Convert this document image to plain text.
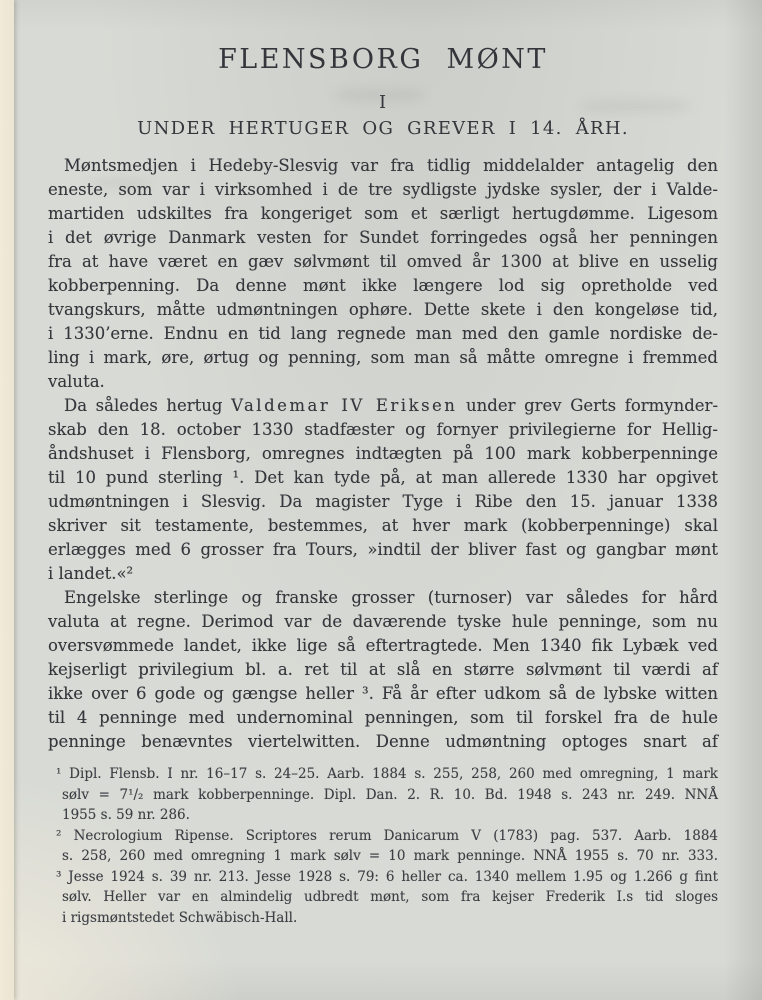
FLENSBORG MØNT
I
UNDER HERTUGER OG GREVER I 14. ÅRH.

Møntsmedjen i Hedeby-Slesvig var fra tidlig middelalder antagelig den
eneste, som var i virksomhed i de tre sydligste jydske sysler, der i Valde-
martiden udskiltes fra kongeriget som et særligt hertugdømme. Ligesom
i det øvrige Danmark vesten for Sundet forringedes også her penningen
fra at have været en gæv sølvmønt til omved år 1300 at blive en usselig
kobberpenning. Da denne mønt ikke længere lod sig opretholde ved
tvangskurs, måtte udmøntningen ophøre. Dette skete i den kongeløse tid,
i 1330’erne. Endnu en tid lang regnede man med den gamle nordiske de-
ling i mark, øre, ørtug og penning, som man så måtte omregne i fremmed
valuta.

Da således hertug Valdemar IV Eriksen under grev Gerts formynder-
skab den 18. october 1330 stadfæster og fornyer privilegierne for Hellig-
åndshuset i Flensborg, omregnes indtægten på 100 mark kobberpenninge
til 10 pund sterling ¹. Det kan tyde på, at man allerede 1330 har opgivet
udmøntningen i Slesvig. Da magister Tyge i Ribe den 15. januar 1338
skriver sit testamente, bestemmes, at hver mark (kobberpenninge) skal
erlægges med 6 grosser fra Tours, »indtil der bliver fast og gangbar mønt
i landet.«²

Engelske sterlinge og franske grosser (turnoser) var således for hård
valuta at regne. Derimod var de daværende tyske hule penninge, som nu
oversvømmede landet, ikke lige så eftertragtede. Men 1340 fik Lybæk ved
kejserligt privilegium bl. a. ret til at slå en større sølvmønt til værdi af
ikke over 6 gode og gængse heller ³. Få år efter udkom så de lybske witten
til 4 penninge med undernominal penningen, som til forskel fra de hule
penninge benævntes viertelwitten. Denne udmøntning optoges snart af

¹ Dipl. Flensb. I nr. 16–17 s. 24–25. Aarb. 1884 s. 255, 258, 260 med omregning, 1 mark
sølv = 7¹/₂ mark kobberpenninge. Dipl. Dan. 2. R. 10. Bd. 1948 s. 243 nr. 249. NNÅ
1955 s. 59 nr. 286.
² Necrologium Ripense. Scriptores rerum Danicarum V (1783) pag. 537. Aarb. 1884
s. 258, 260 med omregning 1 mark sølv = 10 mark penninge. NNÅ 1955 s. 70 nr. 333.
³ Jesse 1924 s. 39 nr. 213. Jesse 1928 s. 79: 6 heller ca. 1340 mellem 1.95 og 1.266 g fint
sølv. Heller var en almindelig udbredt mønt, som fra kejser Frederik I.s tid sloges
i rigsmøntstedet Schwäbisch-Hall.
